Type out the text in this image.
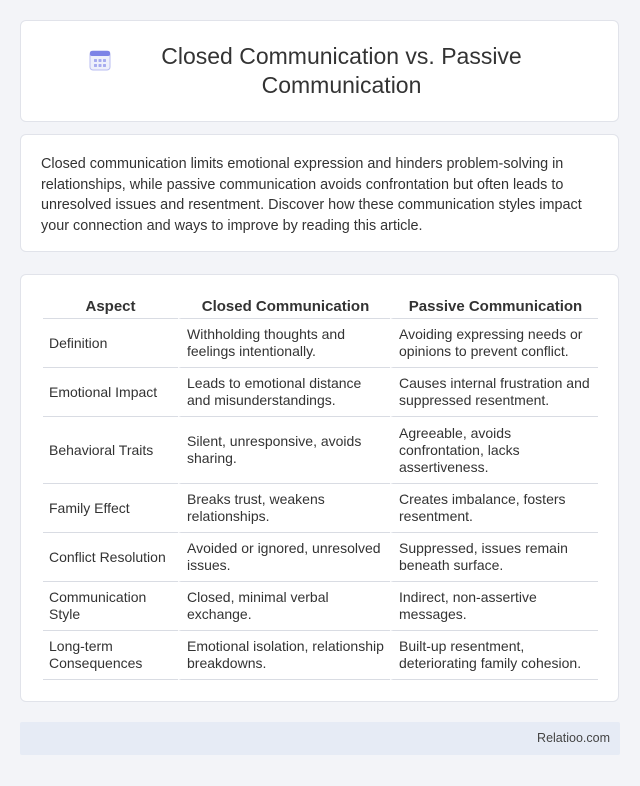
Closed Communication vs. Passive Communication

Closed communication limits emotional expression and hinders problem-solving in relationships, while passive communication avoids confrontation but often leads to unresolved issues and resentment. Discover how these communication styles impact your connection and ways to improve by reading this article.

Aspect	Closed Communication	Passive Communication
Definition	Withholding thoughts and feelings intentionally.	Avoiding expressing needs or opinions to prevent conflict.
Emotional Impact	Leads to emotional distance and misunderstandings.	Causes internal frustration and suppressed resentment.
Behavioral Traits	Silent, unresponsive, avoids sharing.	Agreeable, avoids confrontation, lacks assertiveness.
Family Effect	Breaks trust, weakens relationships.	Creates imbalance, fosters resentment.
Conflict Resolution	Avoided or ignored, unresolved issues.	Suppressed, issues remain beneath surface.
Communication Style	Closed, minimal verbal exchange.	Indirect, non-assertive messages.
Long-term Consequences	Emotional isolation, relationship breakdowns.	Built-up resentment, deteriorating family cohesion.
Relatioo.com
